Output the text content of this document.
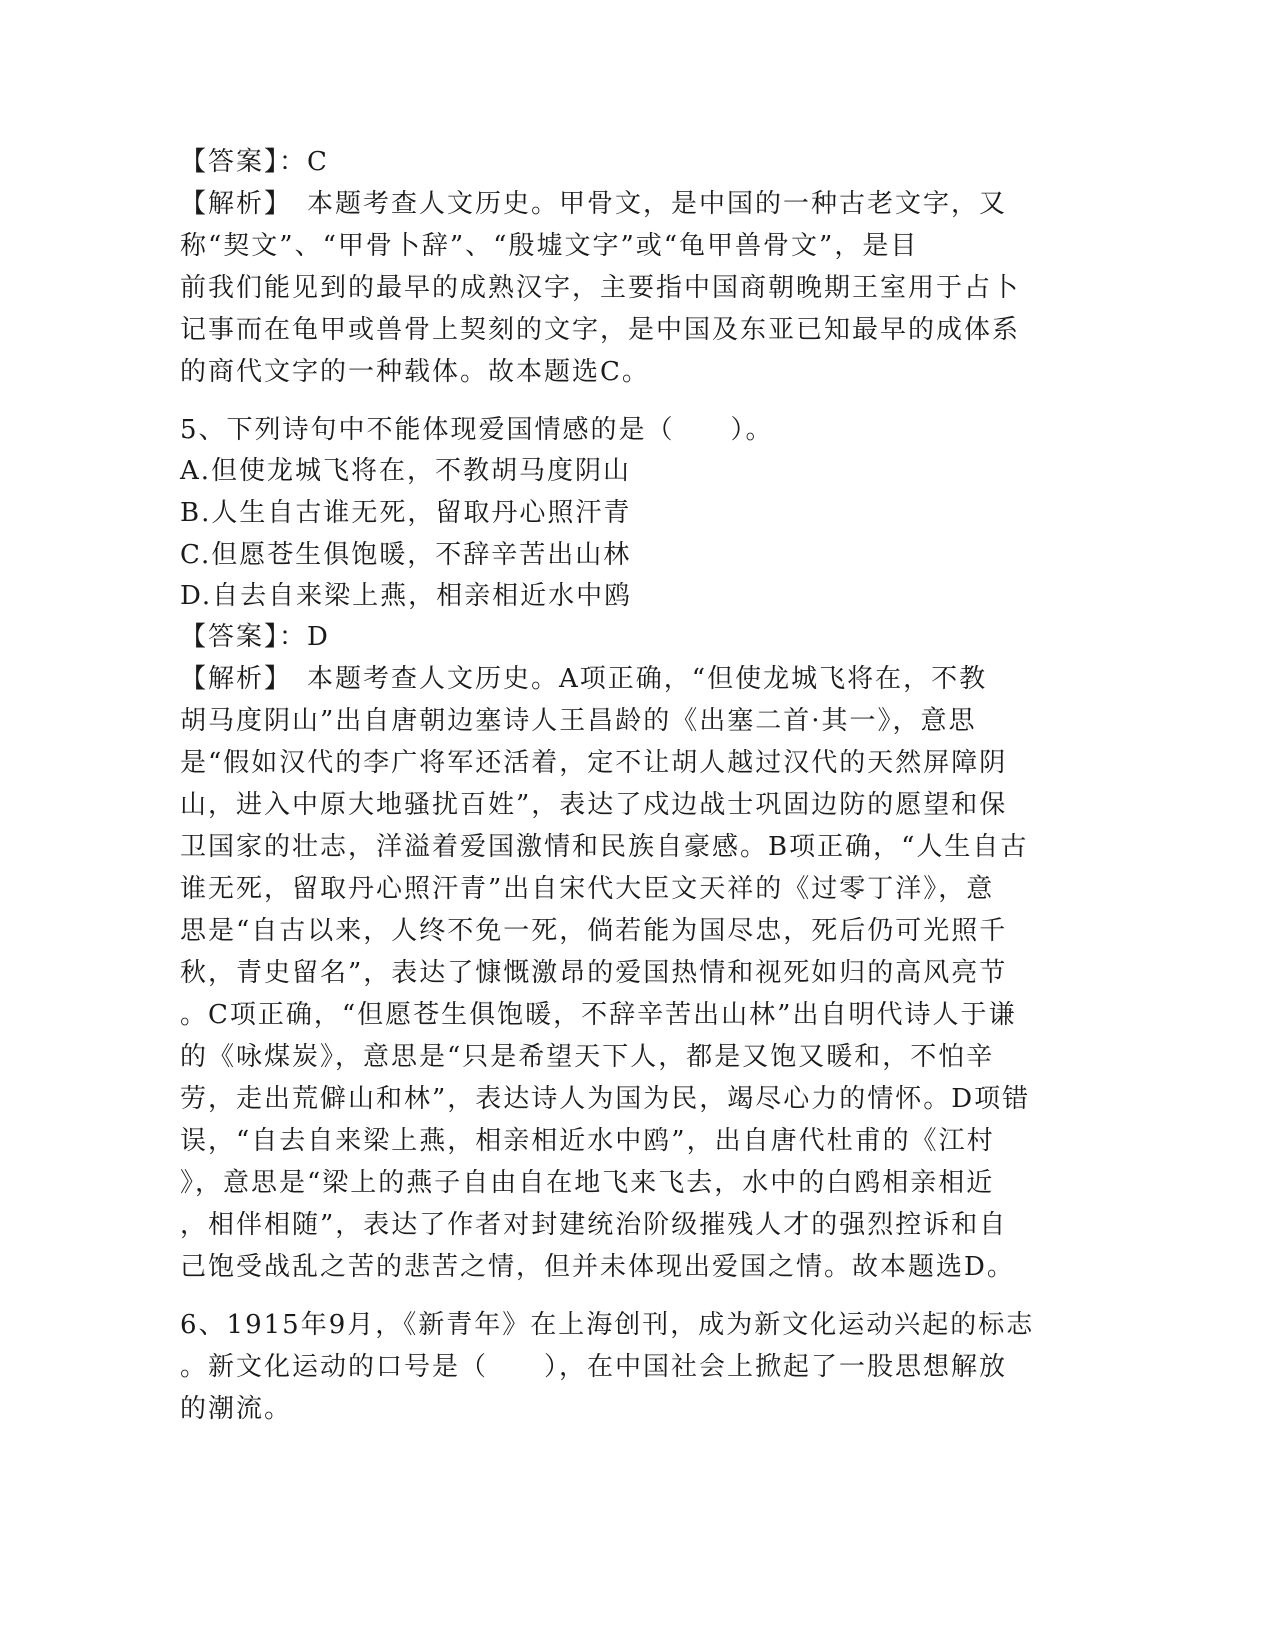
【答案】：C
【解析】　本题考查人文历史。甲骨文，是中国的一种古老文字，又
称“契文”、“甲骨卜辞”、“殷墟文字”或“龟甲兽骨文”，是目
前我们能见到的最早的成熟汉字，主要指中国商朝晚期王室用于占卜
记事而在龟甲或兽骨上契刻的文字，是中国及东亚已知最早的成体系
的商代文字的一种载体。故本题选C。
5、下列诗句中不能体现爱国情感的是（　　）。
A.但使龙城飞将在，不教胡马度阴山
B.人生自古谁无死，留取丹心照汗青
C.但愿苍生俱饱暖，不辞辛苦出山林
D.自去自来梁上燕，相亲相近水中鸥
【答案】：D
【解析】　本题考查人文历史。A项正确，“但使龙城飞将在，不教
胡马度阴山”出自唐朝边塞诗人王昌龄的《出塞二首·其一》，意思
是“假如汉代的李广将军还活着，定不让胡人越过汉代的天然屏障阴
山，进入中原大地骚扰百姓”，表达了戍边战士巩固边防的愿望和保
卫国家的壮志，洋溢着爱国激情和民族自豪感。B项正确，“人生自古
谁无死，留取丹心照汗青”出自宋代大臣文天祥的《过零丁洋》，意
思是“自古以来，人终不免一死，倘若能为国尽忠，死后仍可光照千
秋，青史留名”，表达了慷慨激昂的爱国热情和视死如归的高风亮节
。C项正确，“但愿苍生俱饱暖，不辞辛苦出山林”出自明代诗人于谦
的《咏煤炭》，意思是“只是希望天下人，都是又饱又暖和，不怕辛
劳，走出荒僻山和林”，表达诗人为国为民，竭尽心力的情怀。D项错
误，“自去自来梁上燕，相亲相近水中鸥”，出自唐代杜甫的《江村
》，意思是“梁上的燕子自由自在地飞来飞去，水中的白鸥相亲相近
，相伴相随”，表达了作者对封建统治阶级摧残人才的强烈控诉和自
己饱受战乱之苦的悲苦之情，但并未体现出爱国之情。故本题选D。
6、1915年9月，《新青年》在上海创刊，成为新文化运动兴起的标志
。新文化运动的口号是（　　），在中国社会上掀起了一股思想解放
的潮流。
